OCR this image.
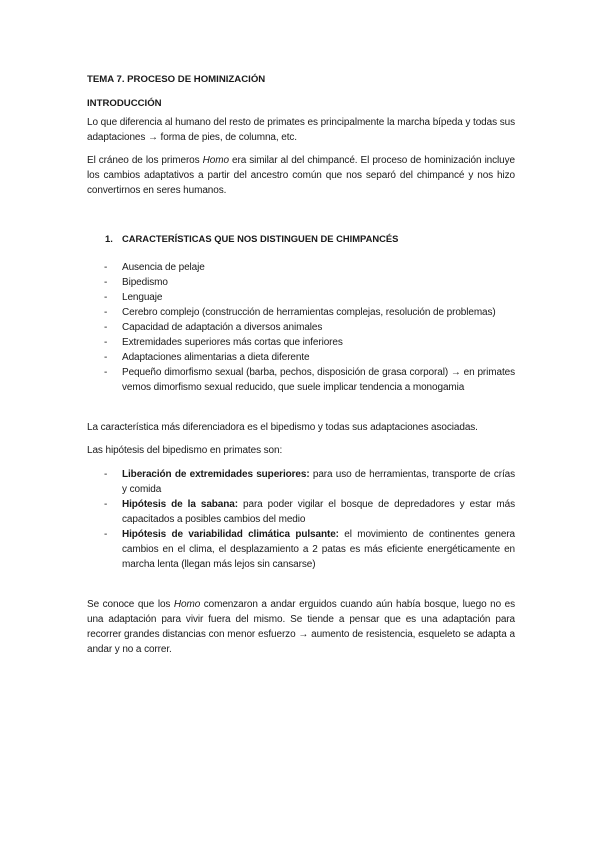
TEMA 7. PROCESO DE HOMINIZACIÓN
INTRODUCCIÓN

Lo que diferencia al humano del resto de primates es principalmente la marcha bípeda y todas sus adaptaciones → forma de pies, de columna, etc.

El cráneo de los primeros Homo era similar al del chimpancé. El proceso de hominización incluye los cambios adaptativos a partir del ancestro común que nos separó del chimpancé y nos hizo convertirnos en seres humanos.

1. CARACTERÍSTICAS QUE NOS DISTINGUEN DE CHIMPANCÉS
- Ausencia de pelaje
- Bipedismo
- Lenguaje
- Cerebro complejo (construcción de herramientas complejas, resolución de problemas)
- Capacidad de adaptación a diversos animales
- Extremidades superiores más cortas que inferiores
- Adaptaciones alimentarias a dieta diferente
- Pequeño dimorfismo sexual (barba, pechos, disposición de grasa corporal) → en primates vemos dimorfismo sexual reducido, que suele implicar tendencia a monogamia

La característica más diferenciadora es el bipedismo y todas sus adaptaciones asociadas.

Las hipótesis del bipedismo en primates son:

- Liberación de extremidades superiores: para uso de herramientas, transporte de crías y comida
- Hipótesis de la sabana: para poder vigilar el bosque de depredadores y estar más capacitados a posibles cambios del medio
- Hipótesis de variabilidad climática pulsante: el movimiento de continentes genera cambios en el clima, el desplazamiento a 2 patas es más eficiente energéticamente en marcha lenta (llegan más lejos sin cansarse)

Se conoce que los Homo comenzaron a andar erguidos cuando aún había bosque, luego no es una adaptación para vivir fuera del mismo. Se tiende a pensar que es una adaptación para recorrer grandes distancias con menor esfuerzo → aumento de resistencia, esqueleto se adapta a andar y no a correr.
